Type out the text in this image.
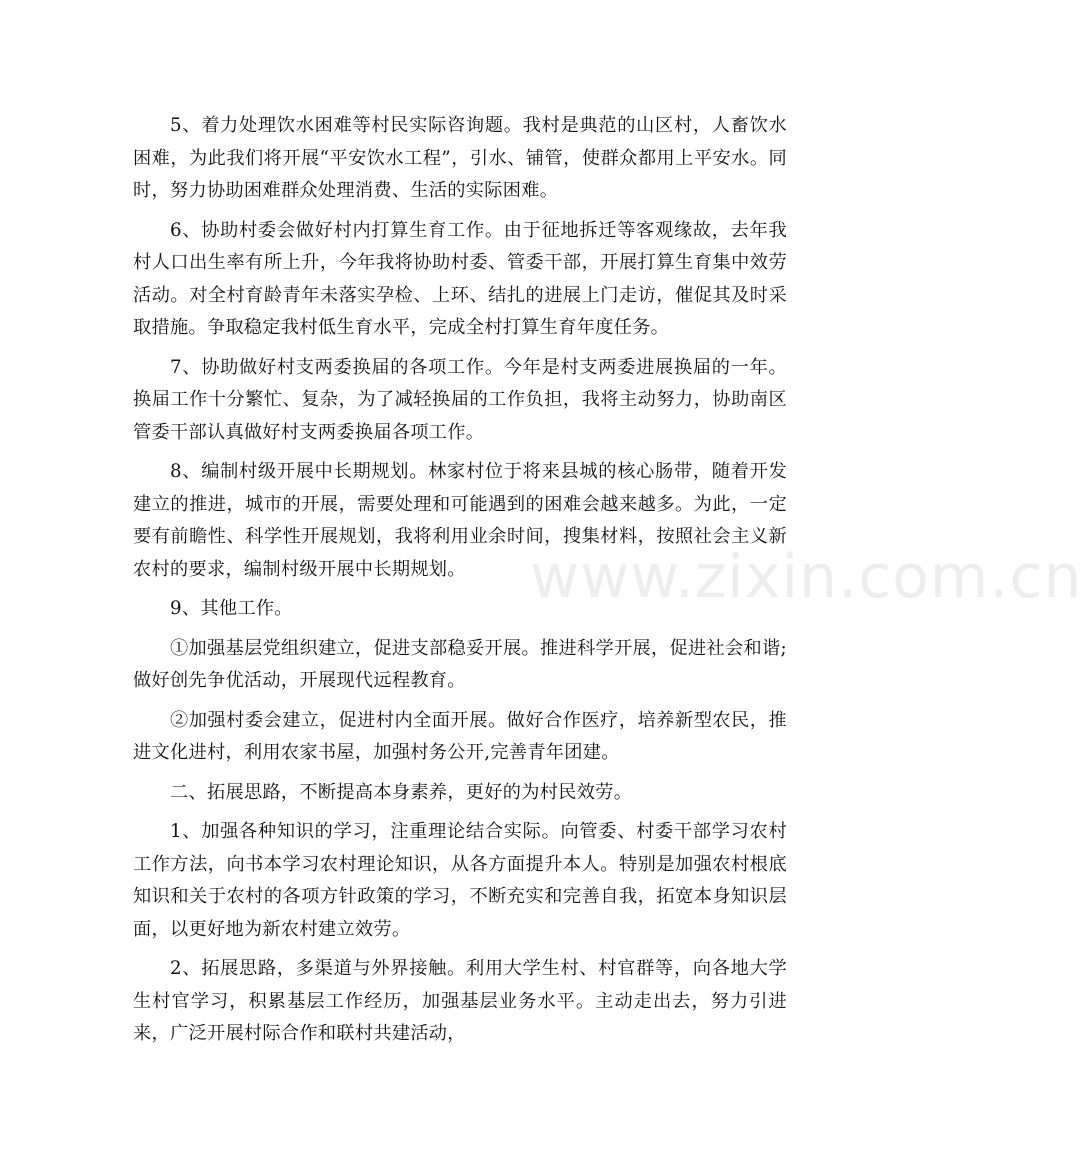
5、着力处理饮水困难等村民实际咨询题。我村是典范的山区村，人畜饮水困难，为此我们将开展“平安饮水工程”，引水、铺管，使群众都用上平安水。同时，努力协助困难群众处理消费、生活的实际困难。

6、协助村委会做好村内打算生育工作。由于征地拆迁等客观缘故，去年我村人口出生率有所上升，今年我将协助村委、管委干部，开展打算生育集中效劳活动。对全村育龄青年未落实孕检、上环、结扎的进展上门走访，催促其及时采取措施。争取稳定我村低生育水平，完成全村打算生育年度任务。

7、协助做好村支两委换届的各项工作。今年是村支两委进展换届的一年。换届工作十分繁忙、复杂，为了减轻换届的工作负担，我将主动努力，协助南区管委干部认真做好村支两委换届各项工作。

8、编制村级开展中长期规划。林家村位于将来县城的核心肠带，随着开发建立的推进，城市的开展，需要处理和可能遇到的困难会越来越多。为此，一定要有前瞻性、科学性开展规划，我将利用业余时间，搜集材料，按照社会主义新农村的要求，编制村级开展中长期规划。

9、其他工作。

①加强基层党组织建立，促进支部稳妥开展。推进科学开展，促进社会和谐;做好创先争优活动，开展现代远程教育。

②加强村委会建立，促进村内全面开展。做好合作医疗，培养新型农民，推进文化进村，利用农家书屋，加强村务公开,完善青年团建。

二、拓展思路，不断提高本身素养，更好的为村民效劳。

1、加强各种知识的学习，注重理论结合实际。向管委、村委干部学习农村工作方法，向书本学习农村理论知识，从各方面提升本人。特别是加强农村根底知识和关于农村的各项方针政策的学习，不断充实和完善自我，拓宽本身知识层面，以更好地为新农村建立效劳。

2、拓展思路，多渠道与外界接触。利用大学生村、村官群等，向各地大学生村官学习，积累基层工作经历，加强基层业务水平。主动走出去，努力引进来，广泛开展村际合作和联村共建活动，

www.zixin.com.cn
